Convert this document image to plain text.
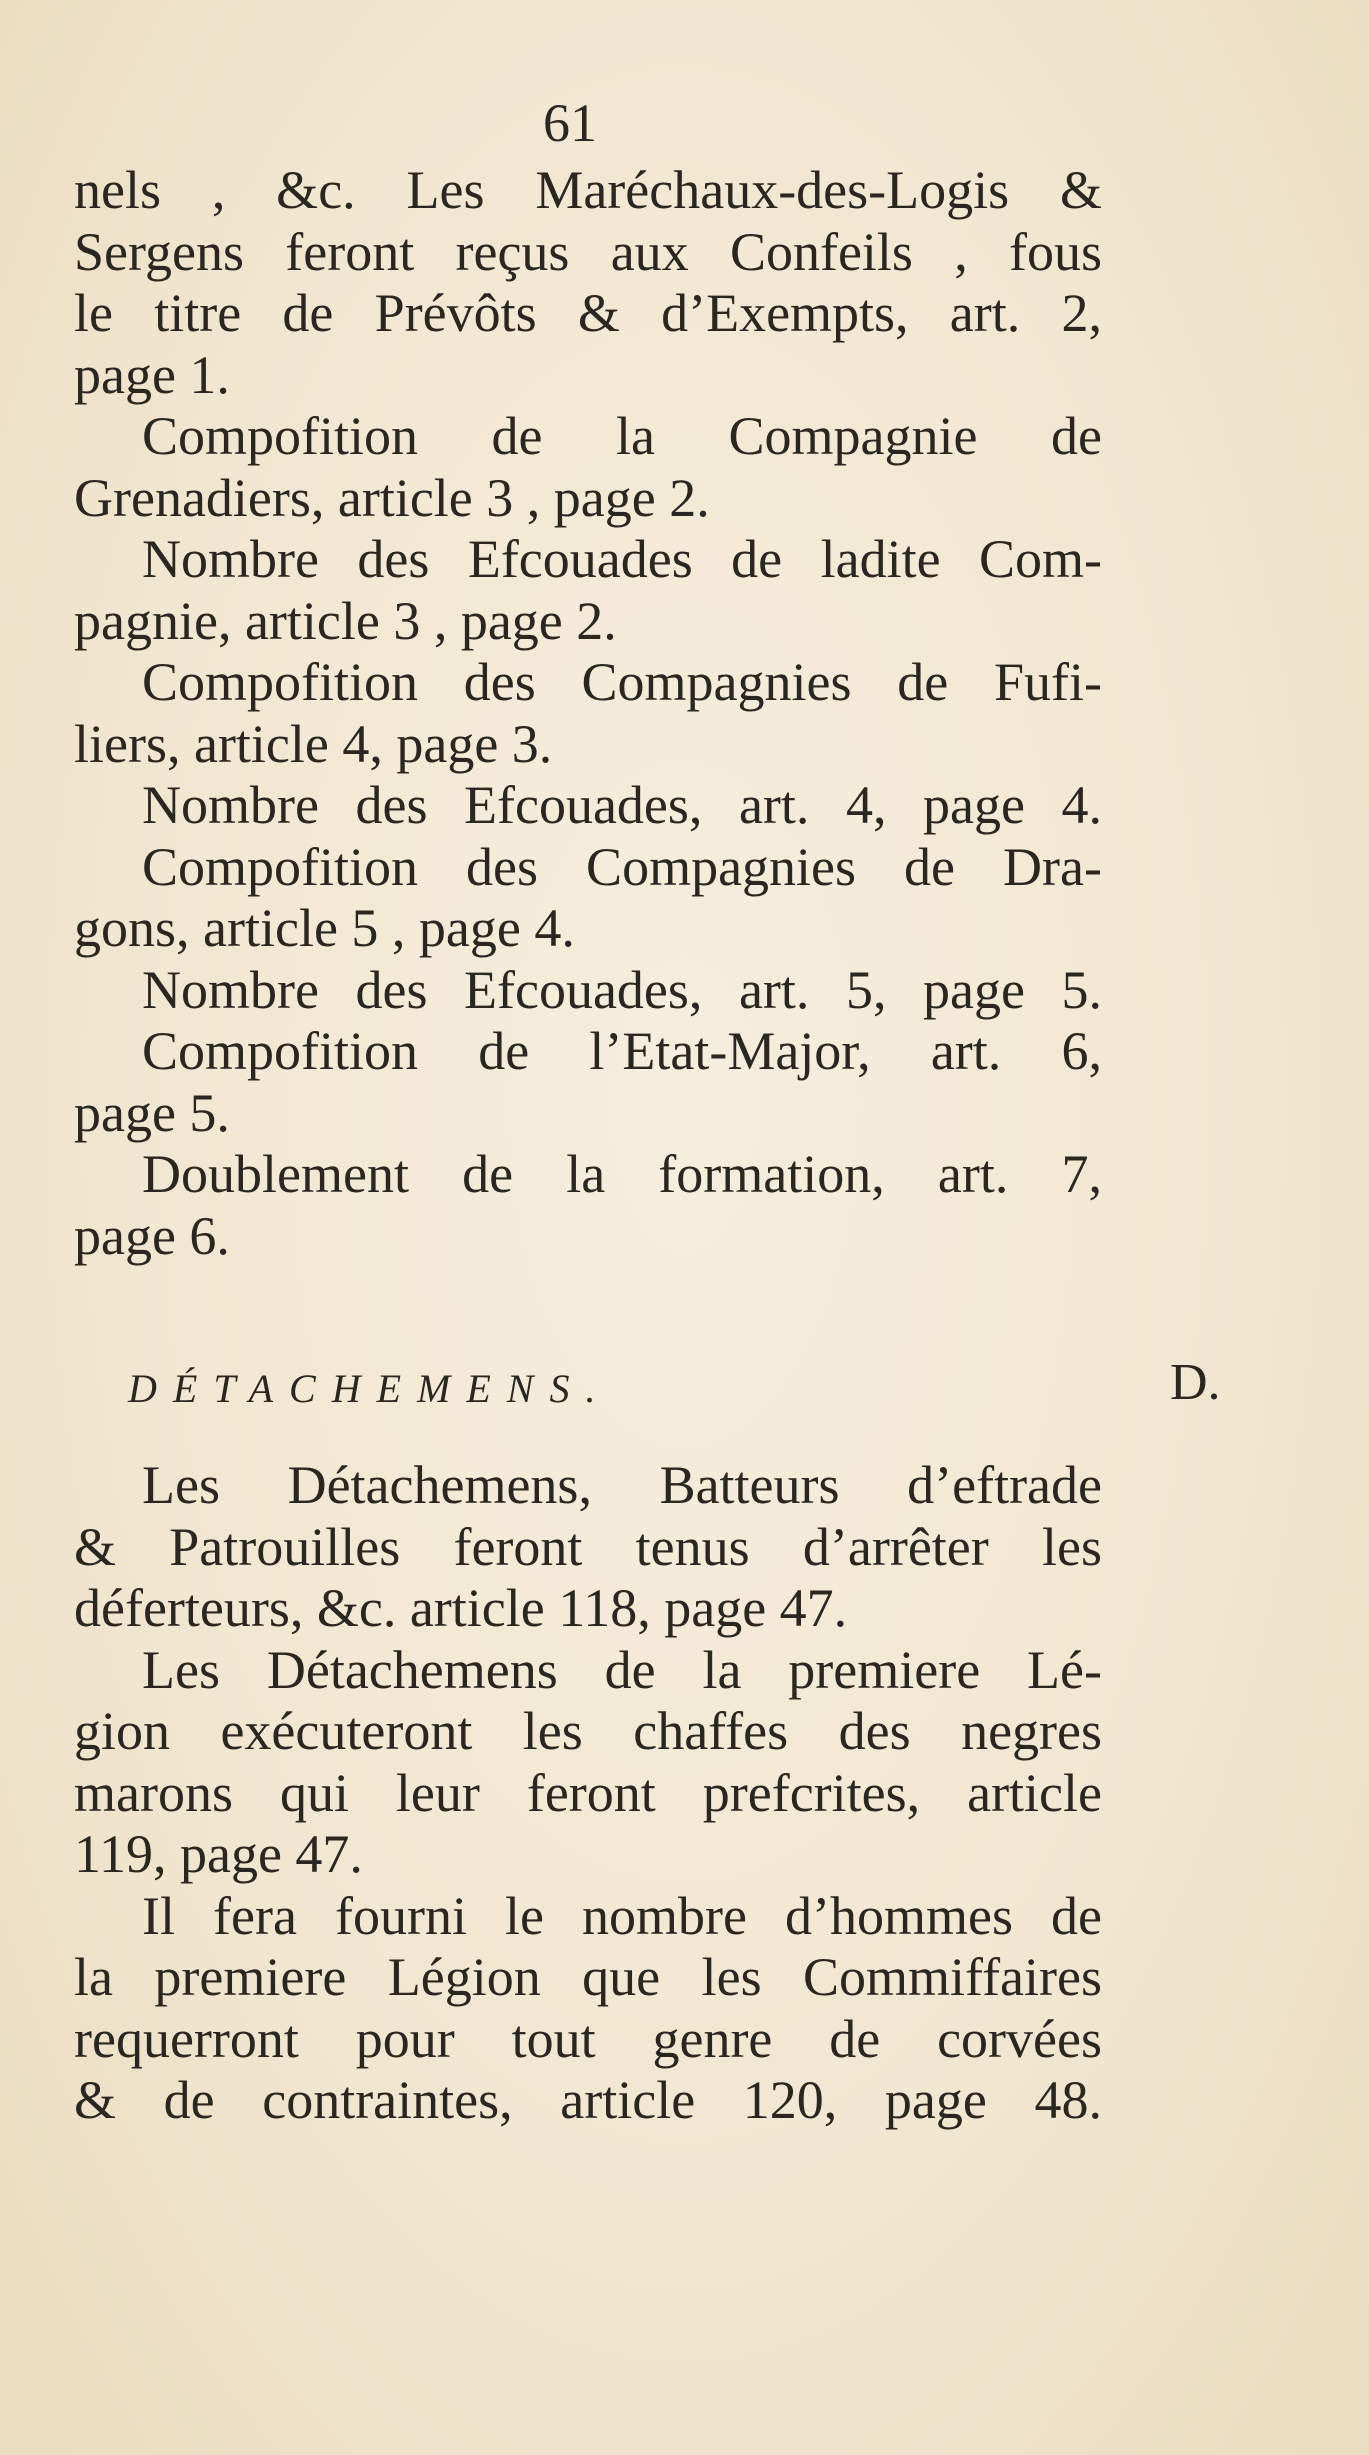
61
nels , &c. Les Maréchaux-des-Logis &
Sergens feront reçus aux Confeils , fous
le titre de Prévôts & d’Exempts, art. 2,
page 1.
Compofition de la Compagnie de
Grenadiers, article 3 , page 2.
Nombre des Efcouades de ladite Com-
pagnie, article 3 , page 2.
Compofition des Compagnies de Fufi-
liers, article 4, page 3.
Nombre des Efcouades, art. 4, page 4.
Compofition des Compagnies de Dra-
gons, article 5 , page 4.
Nombre des Efcouades, art. 5, page 5.
Compofition de l’Etat-Major, art. 6,
page 5.
Doublement de la formation, art. 7,
page 6.
DÉTACHEMENS.	D.
Les Détachemens, Batteurs d’eftrade
& Patrouilles feront tenus d’arrêter les
déferteurs, &c. article 118, page 47.
Les Détachemens de la premiere Lé-
gion exécuteront les chaffes des negres
marons qui leur feront prefcrites, article
119, page 47.
Il fera fourni le nombre d’hommes de
la premiere Légion que les Commiffaires
requerront pour tout genre de corvées
& de contraintes, article 120, page 48.
